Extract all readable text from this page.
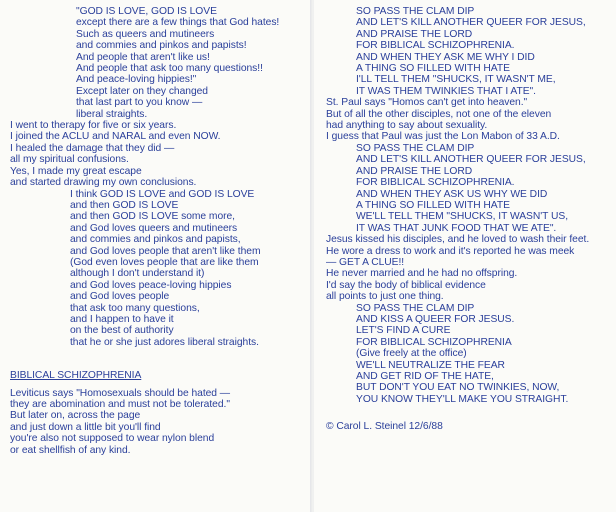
"GOD IS LOVE, GOD IS LOVE
except there are a few things that God hates!
Such as queers and mutineers
and commies and pinkos and papists!
And people that aren't like us!
And people that ask too many questions!!
And peace-loving hippies!"
Except later on they changed
that last part to you know —
liberal straights.
I went to therapy for five or six years.
I joined the ACLU and NARAL and even NOW.
I healed the damage that they did —
all my spiritual confusions.
Yes, I made my great escape
and started drawing my own conclusions.
I think GOD IS LOVE and GOD IS LOVE
and then GOD IS LOVE
and then GOD IS LOVE some more,
and God loves queers and mutineers
and commies and pinkos and papists,
and God loves people that aren't like them
(God even loves people that are like them
although I don't understand it)
and God loves peace-loving hippies
and God loves people
that ask too many questions,
and I happen to have it
on the best of authority
that he or she just adores liberal straights.
BIBLICAL SCHIZOPHRENIA
Leviticus says "Homosexuals should be hated —
they are abomination and must not be tolerated."
But later on, across the page
and just down a little bit you'll find
you're also not supposed to wear nylon blend
or eat shellfish of any kind.
SO PASS THE CLAM DIP
AND LET'S KILL ANOTHER QUEER FOR JESUS,
AND PRAISE THE LORD
FOR BIBLICAL SCHIZOPHRENIA.
AND WHEN THEY ASK ME WHY I DID
A THING SO FILLED WITH HATE
I'LL TELL THEM "SHUCKS, IT WASN'T ME,
IT WAS THEM TWINKIES THAT I ATE".
St. Paul says "Homos can't get into heaven."
But of all the other disciples, not one of the eleven
had anything to say about sexuality.
I guess that Paul was just the Lon Mabon of 33 A.D.
SO PASS THE CLAM DIP
AND LET'S KILL ANOTHER QUEER FOR JESUS,
AND PRAISE THE LORD
FOR BIBLICAL SCHIZOPHRENIA.
AND WHEN THEY ASK US WHY WE DID
A THING SO FILLED WITH HATE
WE'LL TELL THEM "SHUCKS, IT WASN'T US,
IT WAS THAT JUNK FOOD THAT WE ATE".
Jesus kissed his disciples, and he loved to wash their feet.
He wore a dress to work and it's reported he was meek
— GET A CLUE!!
He never married and he had no offspring.
I'd say the body of biblical evidence
all points to just one thing.
SO PASS THE CLAM DIP
AND KISS A QUEER FOR JESUS.
LET'S FIND A CURE
FOR BIBLICAL SCHIZOPHRENIA
(Give freely at the office)
WE'LL NEUTRALIZE THE FEAR
AND GET RID OF THE HATE,
BUT DON'T YOU EAT NO TWINKIES, NOW,
YOU KNOW THEY'LL MAKE YOU STRAIGHT.
© Carol L. Steinel 12/6/88
